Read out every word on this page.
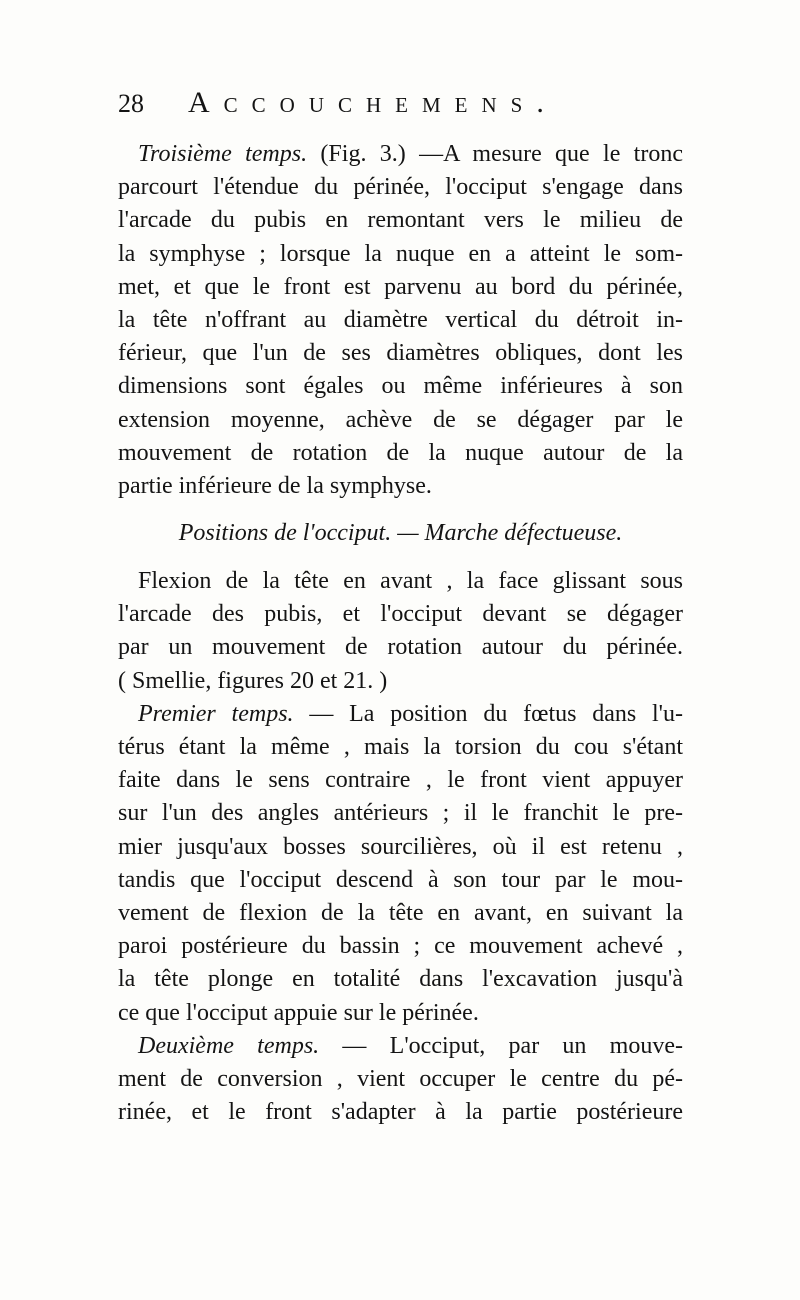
28	Accouchemens.
Troisième temps. (Fig. 3.) —A mesure que le tronc
parcourt l'étendue du périnée, l'occiput s'engage dans
l'arcade du pubis en remontant vers le milieu de
la symphyse ; lorsque la nuque en a atteint le som-
met, et que le front est parvenu au bord du périnée,
la tête n'offrant au diamètre vertical du détroit in-
férieur, que l'un de ses diamètres obliques, dont les
dimensions sont égales ou même inférieures à son
extension moyenne, achève de se dégager par le
mouvement de rotation de la nuque autour de la
partie inférieure de la symphyse.
Positions de l'occiput. — Marche défectueuse.
Flexion de la tête en avant , la face glissant sous
l'arcade des pubis, et l'occiput devant se dégager
par un mouvement de rotation autour du périnée.
( Smellie, figures 20 et 21. )
Premier temps. — La position du fœtus dans l'u-
térus étant la même , mais la torsion du cou s'étant
faite dans le sens contraire , le front vient appuyer
sur l'un des angles antérieurs ; il le franchit le pre-
mier jusqu'aux bosses sourcilières, où il est retenu ,
tandis que l'occiput descend à son tour par le mou-
vement de flexion de la tête en avant, en suivant la
paroi postérieure du bassin ; ce mouvement achevé ,
la tête plonge en totalité dans l'excavation jusqu'à
ce que l'occiput appuie sur le périnée.
Deuxième temps. — L'occiput, par un mouve-
ment de conversion , vient occuper le centre du pé-
rinée, et le front s'adapter à la partie postérieure
